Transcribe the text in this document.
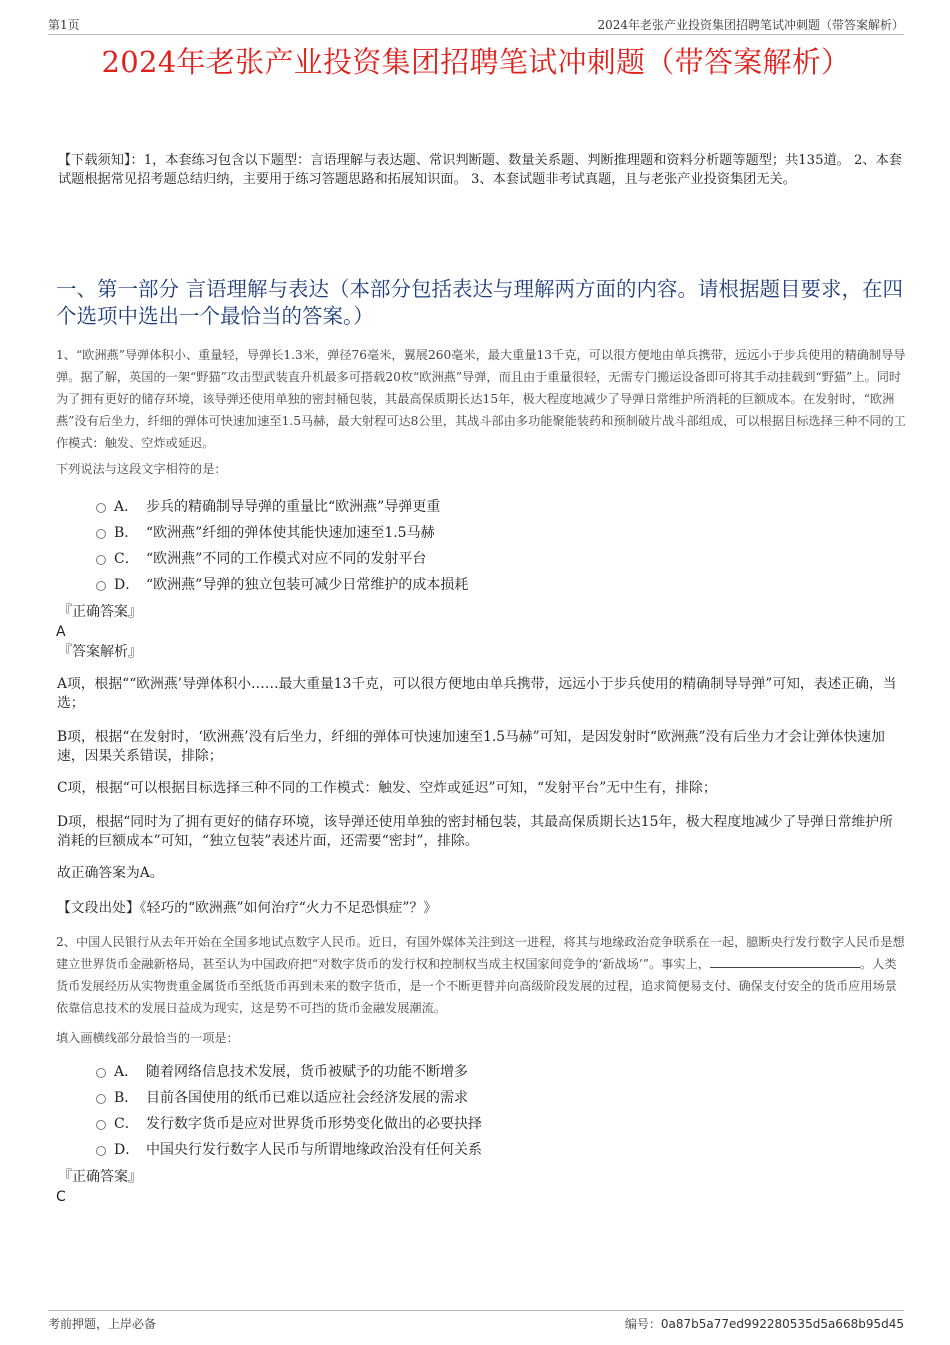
第1页	2024年老张产业投资集团招聘笔试冲刺题（带答案解析）
2024年老张产业投资集团招聘笔试冲刺题（带答案解析）
【下载须知】：1，本套练习包含以下题型：言语理解与表达题、常识判断题、数量关系题、判断推理题和资料分析题等题型；共135道。 2、本套试题根据常见招考题总结归纳，主要用于练习答题思路和拓展知识面。 3、本套试题非考试真题，且与老张产业投资集团无关。
一、第一部分 言语理解与表达（本部分包括表达与理解两方面的内容。请根据题目要求，在四个选项中选出一个最恰当的答案。）
1、“欧洲燕”导弹体积小、重量轻，导弹长1.3米，弹径76毫米，翼展260毫米，最大重量13千克，可以很方便地由单兵携带，远远小于步兵使用的精确制导导弹。据了解，英国的一架“野猫”攻击型武装直升机最多可搭载20枚“欧洲燕”导弹，而且由于重量很轻，无需专门搬运设备即可将其手动挂载到“野猫”上。同时为了拥有更好的储存环境，该导弹还使用单独的密封桶包装，其最高保质期长达15年，极大程度地减少了导弹日常维护所消耗的巨额成本。在发射时，“欧洲燕”没有后坐力，纤细的弹体可快速加速至1.5马赫，最大射程可达8公里，其战斗部由多功能聚能装药和预制破片战斗部组成，可以根据目标选择三种不同的工作模式：触发、空炸或延迟。
下列说法与这段文字相符的是：
A． 步兵的精确制导导弹的重量比“欧洲燕”导弹更重
B． “欧洲燕”纤细的弹体使其能快速加速至1.5马赫
C． “欧洲燕”不同的工作模式对应不同的发射平台
D． “欧洲燕”导弹的独立包装可减少日常维护的成本损耗
『正确答案』
A
『答案解析』
A项，根据““欧洲燕’导弹体积小……最大重量13千克，可以很方便地由单兵携带，远远小于步兵使用的精确制导导弹”可知，表述正确，当选；
B项，根据“在发射时，‘欧洲燕’没有后坐力，纤细的弹体可快速加速至1.5马赫”可知，是因发射时“欧洲燕”没有后坐力才会让弹体快速加速，因果关系错误，排除；
C项，根据“可以根据目标选择三种不同的工作模式：触发、空炸或延迟”可知，“发射平台”无中生有，排除；
D项，根据“同时为了拥有更好的储存环境，该导弹还使用单独的密封桶包装，其最高保质期长达15年，极大程度地减少了导弹日常维护所消耗的巨额成本”可知，“独立包装”表述片面，还需要“密封”，排除。
故正确答案为A。
【文段出处】《轻巧的“欧洲燕”如何治疗“火力不足恐惧症”？》
2、中国人民银行从去年开始在全国多地试点数字人民币。近日，有国外媒体关注到这一进程，将其与地缘政治竞争联系在一起，臆断央行发行数字人民币是想建立世界货币金融新格局，甚至认为中国政府把“对数字货币的发行权和控制权当成主权国家间竞争的‘新战场’”。事实上，	。人类货币发展经历从实物贵重金属货币至纸货币再到未来的数字货币，是一个不断更替并向高级阶段发展的过程，追求简便易支付、确保支付安全的货币应用场景依靠信息技术的发展日益成为现实，这是势不可挡的货币金融发展潮流。
填入画横线部分最恰当的一项是：
A． 随着网络信息技术发展，货币被赋予的功能不断增多
B． 目前各国使用的纸币已难以适应社会经济发展的需求
C． 发行数字货币是应对世界货币形势变化做出的必要抉择
D． 中国央行发行数字人民币与所谓地缘政治没有任何关系
『正确答案』
C
考前押题，上岸必备	编号：0a87b5a77ed992280535d5a668b95d45
